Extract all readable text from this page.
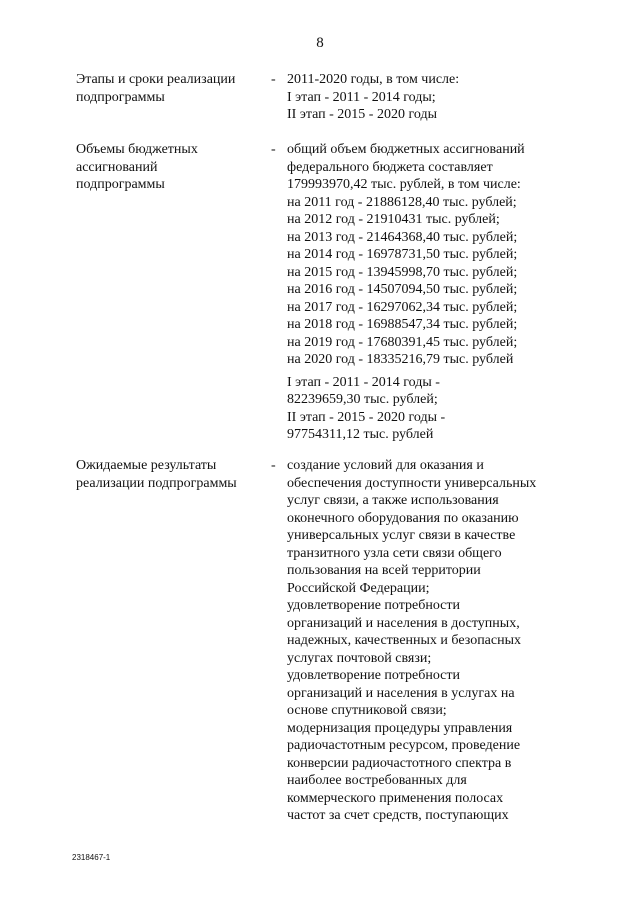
8
Этапы и сроки реализации
подпрограммы
- 2011-2020 годы, в том числе:
I этап - 2011 - 2014 годы;
II этап - 2015 - 2020 годы
Объемы бюджетных
ассигнований
подпрограммы
- общий объем бюджетных ассигнований
федерального бюджета составляет
179993970,42 тыс. рублей, в том числе:
на 2011 год - 21886128,40 тыс. рублей;
на 2012 год - 21910431 тыс. рублей;
на 2013 год - 21464368,40 тыс. рублей;
на 2014 год - 16978731,50 тыс. рублей;
на 2015 год - 13945998,70 тыс. рублей;
на 2016 год - 14507094,50 тыс. рублей;
на 2017 год - 16297062,34 тыс. рублей;
на 2018 год - 16988547,34 тыс. рублей;
на 2019 год - 17680391,45 тыс. рублей;
на 2020 год - 18335216,79 тыс. рублей
I этап - 2011 - 2014 годы -
82239659,30 тыс. рублей;
II этап - 2015 - 2020 годы -
97754311,12 тыс. рублей
Ожидаемые результаты
реализации подпрограммы
- создание условий для оказания и
обеспечения доступности универсальных
услуг связи, а также использования
оконечного оборудования по оказанию
универсальных услуг связи в качестве
транзитного узла сети связи общего
пользования на всей территории
Российской Федерации;
удовлетворение потребности
организаций и населения в доступных,
надежных, качественных и безопасных
услугах почтовой связи;
удовлетворение потребности
организаций и населения в услугах на
основе спутниковой связи;
модернизация процедуры управления
радиочастотным ресурсом, проведение
конверсии радиочастотного спектра в
наиболее востребованных для
коммерческого применения полосах
частот за счет средств, поступающих
2318467-1
